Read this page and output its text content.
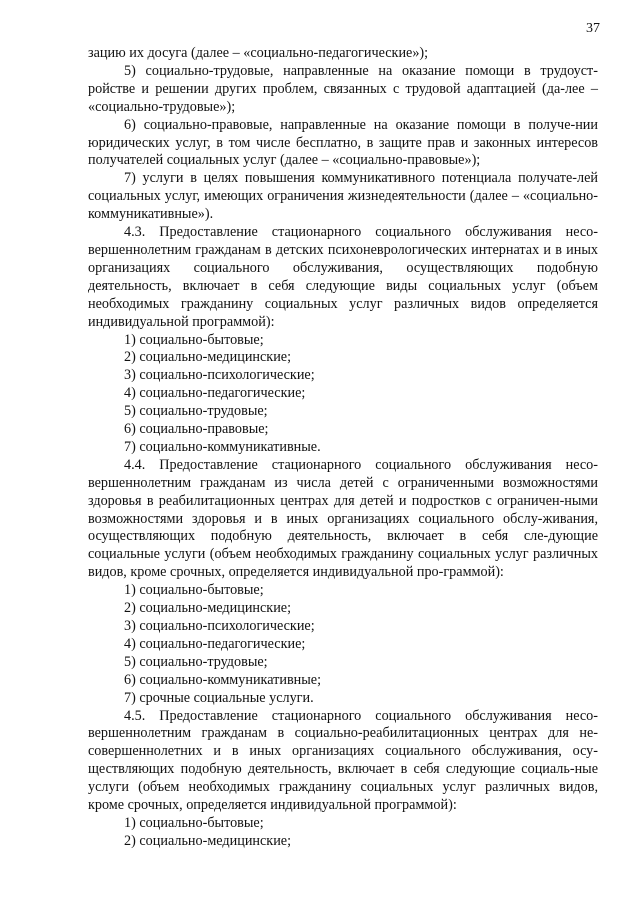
37

зацию их досуга (далее – «социально-педагогические»);

5) социально-трудовые, направленные на оказание помощи в трудоуст-ройстве и решении других проблем, связанных с трудовой адаптацией (да-лее – «социально-трудовые»);

6) социально-правовые, направленные на оказание помощи в получе-нии юридических услуг, в том числе бесплатно, в защите прав и законных интересов получателей социальных услуг (далее – «социально-правовые»);

7) услуги в целях повышения коммуникативного потенциала получате-лей социальных услуг, имеющих ограничения жизнедеятельности (далее – «социально-коммуникативные»).

4.3. Предоставление стационарного социального обслуживания несо-вершеннолетним гражданам в детских психоневрологических интернатах и в иных организациях социального обслуживания, осуществляющих подобную деятельность, включает в себя следующие виды социальных услуг (объем необходимых гражданину социальных услуг различных видов определяется индивидуальной программой):

1) социально-бытовые;
2) социально-медицинские;
3) социально-психологические;
4) социально-педагогические;
5) социально-трудовые;
6) социально-правовые;
7) социально-коммуникативные.

4.4. Предоставление стационарного социального обслуживания несо-вершеннолетним гражданам из числа детей с ограниченными возможностями здоровья в реабилитационных центрах для детей и подростков с ограничен-ными возможностями здоровья и в иных организациях социального обслу-живания, осуществляющих подобную деятельность, включает в себя сле-дующие социальные услуги (объем необходимых гражданину социальных услуг различных видов, кроме срочных, определяется индивидуальной про-граммой):

1) социально-бытовые;
2) социально-медицинские;
3) социально-психологические;
4) социально-педагогические;
5) социально-трудовые;
6) социально-коммуникативные;
7) срочные социальные услуги.

4.5. Предоставление стационарного социального обслуживания несо-вершеннолетним гражданам в социально-реабилитационных центрах для не-совершеннолетних и в иных организациях социального обслуживания, осу-ществляющих подобную деятельность, включает в себя следующие социаль-ные услуги (объем необходимых гражданину социальных услуг различных видов, кроме срочных, определяется индивидуальной программой):

1) социально-бытовые;
2) социально-медицинские;
